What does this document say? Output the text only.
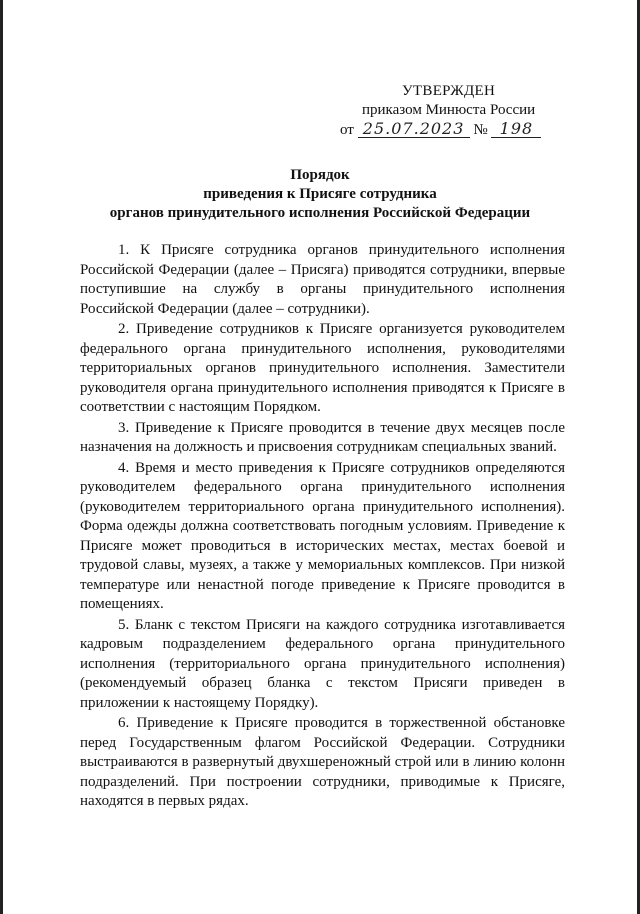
УТВЕРЖДЕН
приказом Минюста России
от 25.07.2023 № 198
Порядок
приведения к Присяге сотрудника
органов принудительного исполнения Российской Федерации

1. К Присяге сотрудника органов принудительного исполнения Российской Федерации (далее – Присяга) приводятся сотрудники, впервые поступившие на службу в органы принудительного исполнения Российской Федерации (далее – сотрудники).

2. Приведение сотрудников к Присяге организуется руководителем федерального органа принудительного исполнения, руководителями территориальных органов принудительного исполнения. Заместители руководителя органа принудительного исполнения приводятся к Присяге в соответствии с настоящим Порядком.

3. Приведение к Присяге проводится в течение двух месяцев после назначения на должность и присвоения сотрудникам специальных званий.

4. Время и место приведения к Присяге сотрудников определяются руководителем федерального органа принудительного исполнения (руководителем территориального органа принудительного исполнения). Форма одежды должна соответствовать погодным условиям. Приведение к Присяге может проводиться в исторических местах, местах боевой и трудовой славы, музеях, а также у мемориальных комплексов. При низкой температуре или ненастной погоде приведение к Присяге проводится в помещениях.

5. Бланк с текстом Присяги на каждого сотрудника изготавливается кадровым подразделением федерального органа принудительного исполнения (территориального органа принудительного исполнения) (рекомендуемый образец бланка с текстом Присяги приведен в приложении к настоящему Порядку).

6. Приведение к Присяге проводится в торжественной обстановке перед Государственным флагом Российской Федерации. Сотрудники выстраиваются в развернутый двухшереножный строй или в линию колонн подразделений. При построении сотрудники, приводимые к Присяге, находятся в первых рядах.
